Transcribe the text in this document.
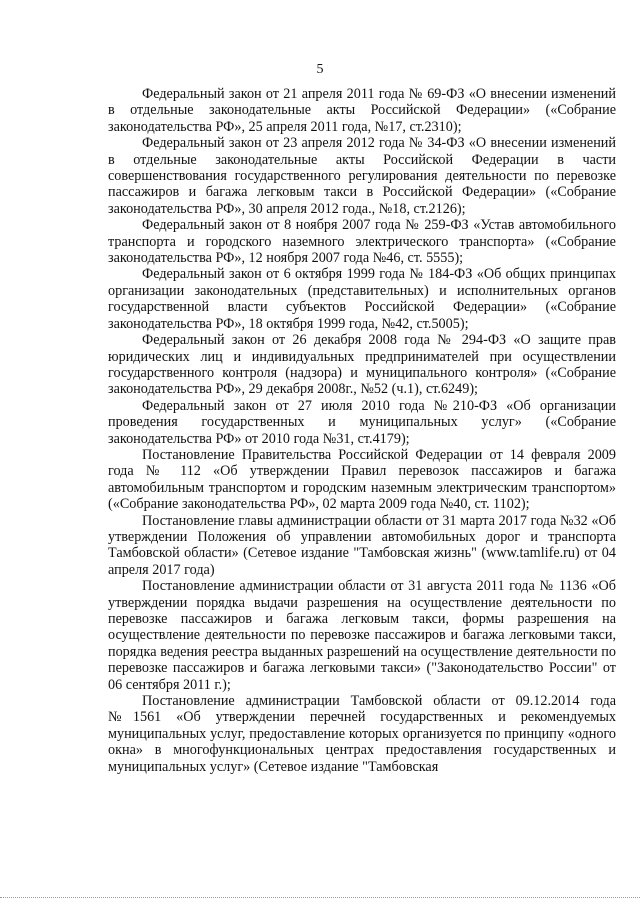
5

Федеральный закон от 21 апреля 2011 года № 69-ФЗ «О внесении изменений в отдельные законодательные акты Российской Федерации» («Собрание законодательства РФ», 25 апреля 2011 года, №17, ст.2310);

Федеральный закон от 23 апреля 2012 года № 34-ФЗ «О внесении изменений в отдельные законодательные акты Российской Федерации в части совершенствования государственного регулирования деятельности по перевозке пассажиров и багажа легковым такси в Российской Федерации» («Собрание законодательства РФ», 30 апреля 2012 года., №18, ст.2126);

Федеральный закон от 8 ноября 2007 года № 259-ФЗ «Устав автомобильного транспорта и городского наземного электрического транспорта» («Собрание законодательства РФ», 12 ноября 2007 года №46, ст. 5555);

Федеральный закон от 6 октября 1999 года № 184-ФЗ «Об общих принципах организации законодательных (представительных) и исполнительных органов государственной власти субъектов Российской Федерации» («Собрание законодательства РФ», 18 октября 1999 года, №42, ст.5005);

Федеральный закон от 26 декабря 2008 года № 294-ФЗ «О защите прав юридических лиц и индивидуальных предпринимателей при осуществлении государственного контроля (надзора) и муниципального контроля» («Собрание законодательства РФ», 29 декабря 2008г., №52 (ч.1), ст.6249);

Федеральный закон от 27 июля 2010 года №210-ФЗ «Об организации проведения государственных и муниципальных услуг» («Собрание законодательства РФ» от 2010 года №31, ст.4179);

Постановление Правительства Российской Федерации от 14 февраля 2009 года № 112 «Об утверждении Правил перевозок пассажиров и багажа автомобильным транспортом и городским наземным электрическим транспортом» («Собрание законодательства РФ», 02 марта 2009 года №40, ст. 1102);

Постановление главы администрации области от 31 марта 2017 года №32 «Об утверждении Положения об управлении автомобильных дорог и транспорта Тамбовской области» (Сетевое издание "Тамбовская жизнь" (www.tamlife.ru) от 04 апреля 2017 года)

Постановление администрации области от 31 августа 2011 года № 1136 «Об утверждении порядка выдачи разрешения на осуществление деятельности по перевозке пассажиров и багажа легковым такси, формы разрешения на осуществление деятельности по перевозке пассажиров и багажа легковыми такси, порядка ведения реестра выданных разрешений на осуществление деятельности по перевозке пассажиров и багажа легковыми такси» ("Законодательство России" от 06 сентября 2011 г.);

Постановление администрации Тамбовской области от 09.12.2014 года №1561 «Об утверждении перечней государственных и рекомендуемых муниципальных услуг, предоставление которых организуется по принципу «одного окна» в многофункциональных центрах предоставления государственных и муниципальных услуг» (Сетевое издание "Тамбовская
